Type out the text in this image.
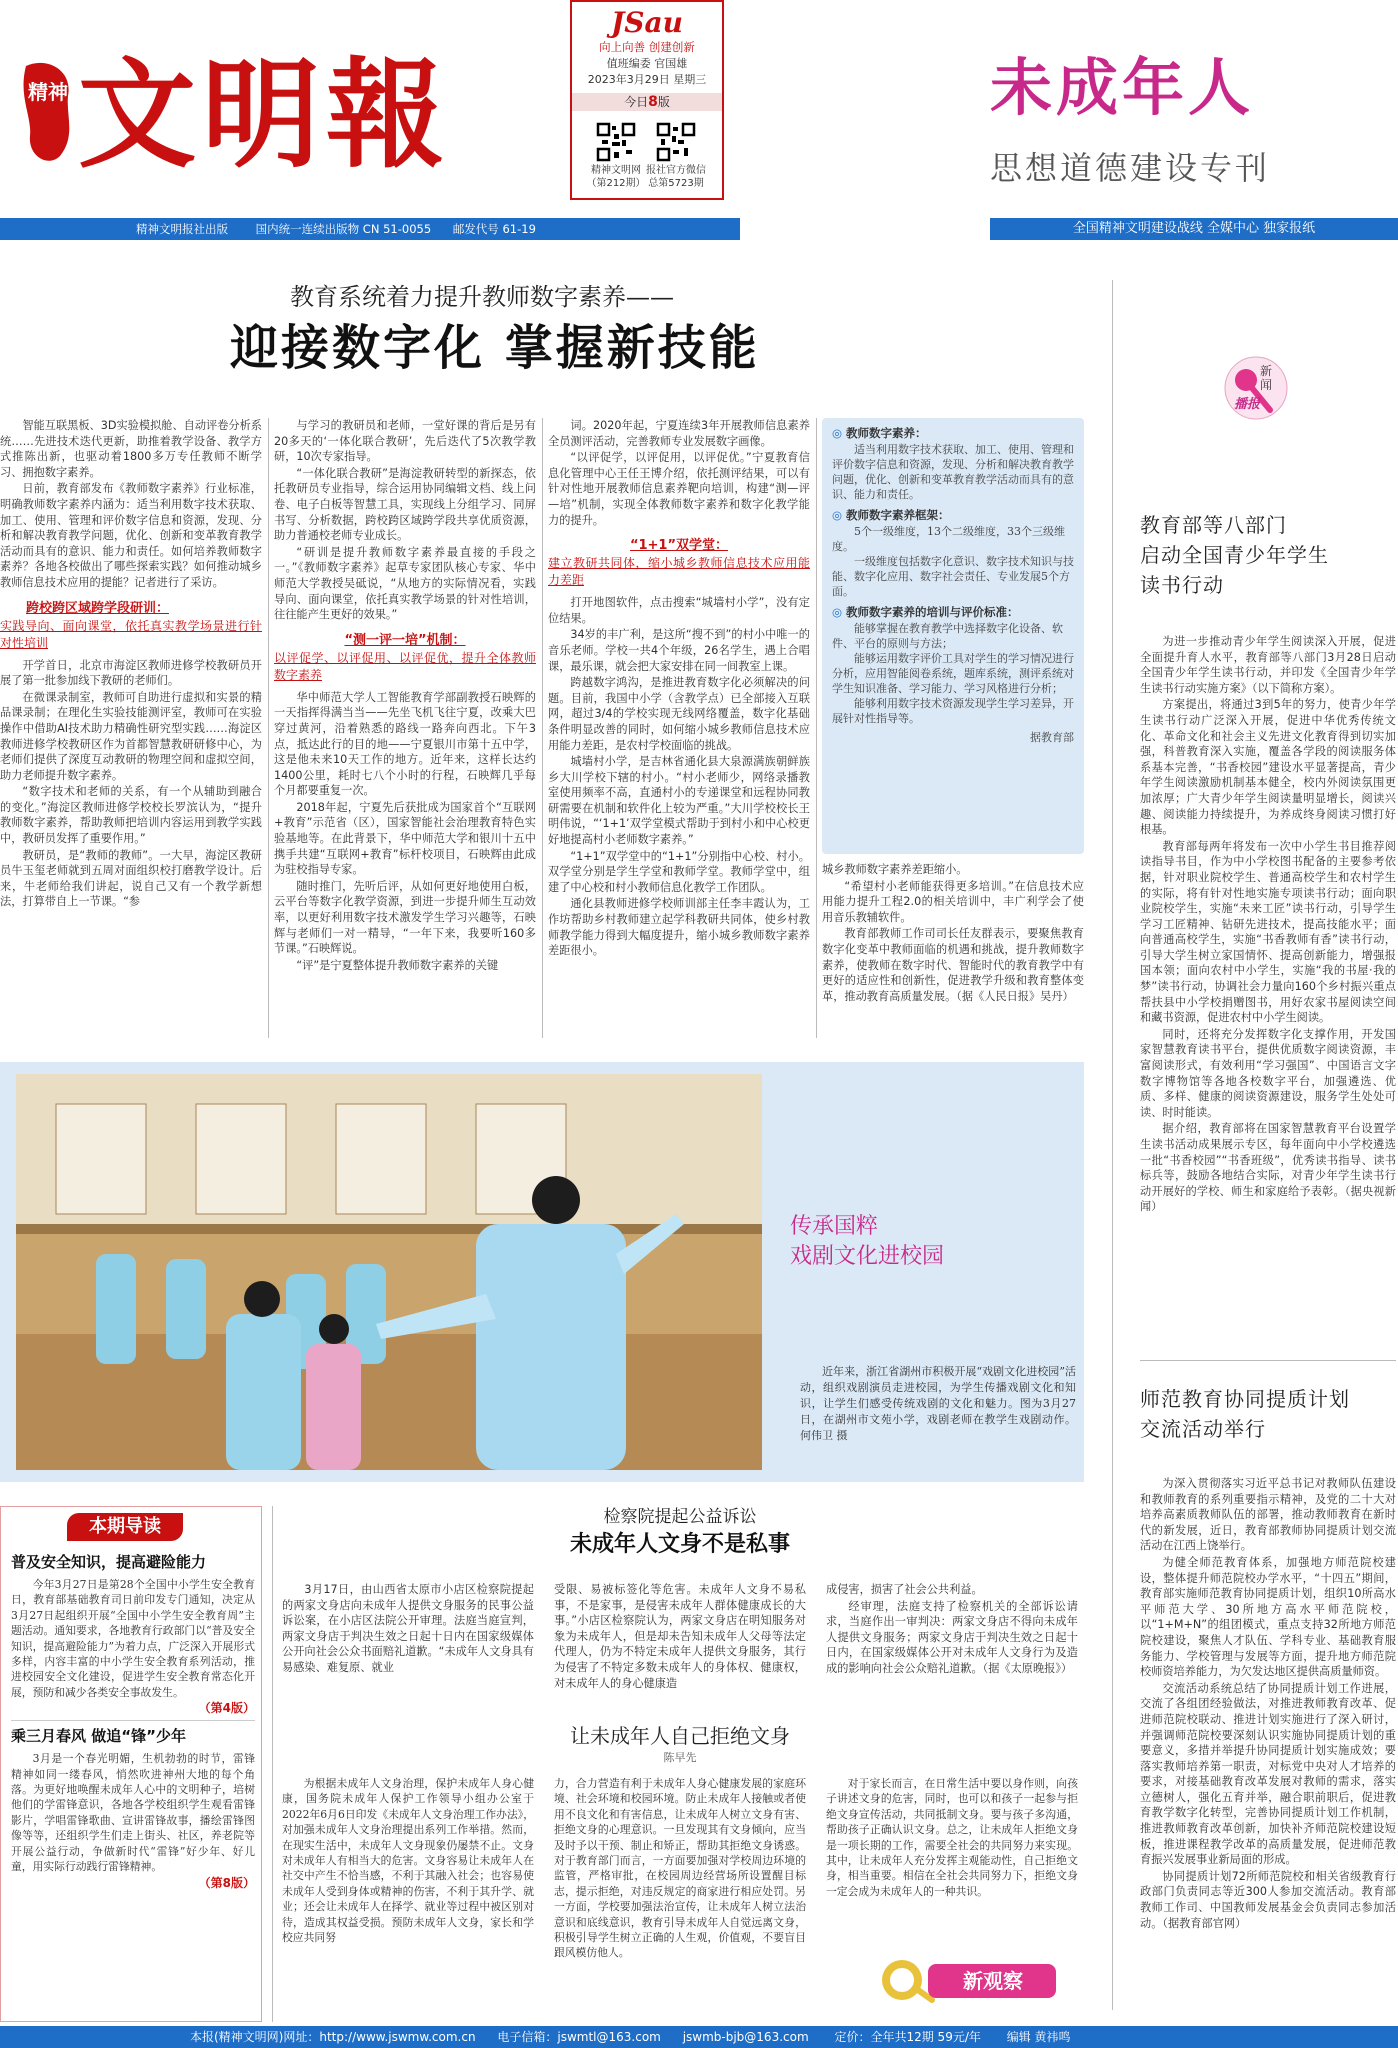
精神 文明報
JSau
向上向善 创建创新
值班编委 官国雄
2023年3月29日 星期三
今日8版
精神文明网
（第212期）
报社官方微信
总第5723期
未成年人
思想道德建设专刊
精神文明报社出版 国内统一连续出版物 CN 51-0055 邮发代号 61-19	全国精神文明建设战线 全媒中心 独家报纸
教育系统着力提升教师数字素养——
迎接数字化 掌握新技能

智能互联黑板、3D实验模拟舱、自动评卷分析系统……先进技术迭代更新，助推着教学设备、教学方式推陈出新，也驱动着1800多万专任教师不断学习、拥抱数字素养。

日前，教育部发布《教师数字素养》行业标准，明确教师数字素养内涵为：适当利用数字技术获取、加工、使用、管理和评价数字信息和资源，发现、分析和解决教育教学问题，优化、创新和变革教育教学活动而具有的意识、能力和责任。如何培养教师数字素养？各地各校做出了哪些探索实践？如何推动城乡教师信息技术应用的提能？记者进行了采访。

跨校跨区域跨学段研训：
实践导向、面向课堂，依托真实教学场景进行针对性培训

开学首日，北京市海淀区教师进修学校教研员开展了第一批参加线下教研的老师们。

在微课录制室，教师可自助进行虚拟和实景的精品课录制；在理化生实验技能测评室，教师可在实验操作中借助AI技术助力精确性研究型实践……海淀区教师进修学校教研区作为首都智慧教研研修中心，为老师们提供了深度互动教研的物理空间和虚拟空间，助力老师提升数字素养。

“数字技术和老师的关系，有一个从辅助到融合的变化。”海淀区教师进修学校校长罗滨认为，“提升教师数字素养，帮助教师把培训内容运用到教学实践中，教研员发挥了重要作用。”

教研员，是“教师的教师”。一大早，海淀区教研员牛玉玺老师就到五周对面组织校打磨教学设计。后来，牛老师给我们讲起，说自己又有一个教学新想法，打算带自上一节课。“参

与学习的教研员和老师，一堂好课的背后是另有20多天的‘一体化联合教研’，先后迭代了5次教学教研，10次专家指导。

“一体化联合教研”是海淀教研转型的新探态，依托教研员专业指导，综合运用协同编辑文档、线上问卷、电子白板等智慧工具，实现线上分组学习、同屏书写、分析数据，跨校跨区域跨学段共享优质资源，助力普通校老师专业成长。

“研训是提升教师数字素养最直接的手段之一。”《教师数字素养》起草专家团队核心专家、华中师范大学教授吴砥说，“从地方的实际情况看，实践导向、面向课堂，依托真实教学场景的针对性培训，往往能产生更好的效果。”

“测一评一培”机制：
以评促学、以评促用、以评促优，提升全体教师数字素养

华中师范大学人工智能教育学部副教授石映辉的一天指挥得满当当——先坐飞机飞往宁夏，改乘大巴穿过黄河，沿着熟悉的路线一路奔向西北。下午3点，抵达此行的目的地——宁夏银川市第十五中学，这是他未来10天工作的地方。近年来，这样长达约1400公里，耗时七八个小时的行程，石映辉几乎每个月都要重复一次。

2018年起，宁夏先后获批成为国家首个“互联网+教育”示范省（区），国家智能社会治理教育特色实验基地等。在此背景下，华中师范大学和银川十五中携手共建“互联网+教育”标杆校项目，石映辉由此成为驻校指导专家。

随时推门，先听后评，从如何更好地使用白板，云平台等数字化教学资源，到进一步提升师生互动效率，以更好利用数字技术激发学生学习兴趣等，石映辉与老师们一对一精导，“一年下来，我要听160多节课。”石映辉说。

“评”是宁夏整体提升教师数字素养的关键

词。2020年起，宁夏连续3年开展教师信息素养全员测评活动，完善教师专业发展数字画像。

“以评促学，以评促用，以评促优。”宁夏教育信息化管理中心王任王博介绍，依托测评结果，可以有针对性地开展教师信息素养靶向培训，构建“测—评—培”机制，实现全体教师数字素养和数字化教学能力的提升。

“1+1”双学堂：
建立教研共同体，缩小城乡教师信息技术应用能力差距

打开地图软件，点击搜索“城墙村小学”，没有定位结果。

34岁的丰广利，是这所“搜不到”的村小中唯一的音乐老师。学校一共4个年级，26名学生，遇上合唱课，最乐课，就会把大家安排在同一间教室上课。

跨越数字鸿沟，是推进教育数字化必须解决的问题。目前，我国中小学（含教学点）已全部接入互联网，超过3/4的学校实现无线网络覆盖，数字化基础条件明显改善的同时，如何缩小城乡教师信息技术应用能力差距，是农村学校面临的挑战。

城墙村小学，是吉林省通化县大泉源满族朝鲜族乡大川学校下辖的村小。“村小老师少，网络录播教室使用频率不高，直通村小的专递课堂和远程协同教研需要在机制和软件化上较为严重。”大川学校校长王明伟说，“‘1+1’双学堂模式帮助于到村小和中心校更好地提高村小老师数字素养。”

“1+1”双学堂中的“1+1”分别指中心校、村小。双学堂分别是学生学堂和教师学堂。教师学堂中，组建了中心校和村小教师信息化教学工作团队。

通化县教师进修学校师训部主任李丰霞认为，工作坊帮助乡村教师建立起学科教研共同体，使乡村教师教学能力得到大幅度提升，缩小城乡教师数字素养差距很小。

◎ 教师数字素养：
适当利用数字技术获取、加工、使用、管理和评价数字信息和资源，发现、分析和解决教育教学问题，优化、创新和变革教育教学活动而具有的意识、能力和责任。
◎ 教师数字素养框架：
5个一级维度，13个二级维度，33个三级维度。
一级维度包括数字化意识、数字技术知识与技能、数字化应用、数字社会责任、专业发展5个方面。
◎ 教师数字素养的培训与评价标准：
能够掌握在教育教学中选择数字化设备、软件、平台的原则与方法；
能够运用数字评价工具对学生的学习情况进行分析，应用智能阅卷系统，题库系统，测评系统对学生知识准备、学习能力、学习风格进行分析；
能够利用数字技术资源发现学生学习差异，开展针对性指导等。
据教育部

城乡教师数字素养差距缩小。

“希望村小老师能获得更多培训。”在信息技术应用能力提升工程2.0的相关培训中，丰广利学会了使用音乐教辅软件。

教育部教师工作司司长任友群表示，要聚焦教育数字化变革中教师面临的机遇和挑战，提升教师数字素养，使教师在数字时代、智能时代的教育教学中有更好的适应性和创新性，促进教学升级和教育整体变革，推动教育高质量发展。（据《人民日报》吴丹）

新
闻
播报
教育部等八部门
启动全国青少年学生
读书行动

为进一步推动青少年学生阅读深入开展，促进全面提升育人水平，教育部等八部门3月28日启动全国青少年学生读书行动，并印发《全国青少年学生读书行动实施方案》（以下简称方案）。

方案提出，将通过3到5年的努力，使青少年学生读书行动广泛深入开展，促进中华优秀传统文化、革命文化和社会主义先进文化教育得到切实加强，科普教育深入实施，覆盖各学段的阅读服务体系基本完善，“书香校园”建设水平显著提高，青少年学生阅读激励机制基本健全，校内外阅读氛围更加浓厚；广大青少年学生阅读量明显增长，阅读兴趣、阅读能力持续提升，为养成终身阅读习惯打好根基。

教育部每两年将发布一次中小学生书目推荐阅读指导书目，作为中小学校图书配备的主要参考依据，针对职业院校学生、普通高校学生和农村学生的实际，将有针对性地实施专项读书行动；面向职业院校学生，实施“未来工匠”读书行动，引导学生学习工匠精神、钻研先进技术，提高技能水平；面向普通高校学生，实施“书香教师有香”读书行动，引导大学生树立家国情怀、提高创新能力，增强报国本领；面向农村中小学生，实施“我的书屋·我的梦”读书行动，协调社会力量向160个乡村振兴重点帮扶县中小学校捐赠图书，用好农家书屋阅读空间和藏书资源，促进农村中小学生阅读。

同时，还将充分发挥数字化支撑作用，开发国家智慧教育读书平台，提供优质数字阅读资源，丰富阅读形式，有效利用“学习强国”、中国语言文字数字博物馆等各地各校数字平台，加强遴选、优质、多样、健康的阅读资源建设，服务学生处处可读、时时能读。

据介绍，教育部将在国家智慧教育平台设置学生读书活动成果展示专区，每年面向中小学校遴选一批“书香校园”“书香班级”，优秀读书指导、读书标兵等，鼓励各地结合实际，对青少年学生读书行动开展好的学校、师生和家庭给予表彰。（据央视新闻）

师范教育协同提质计划
交流活动举行

为深入贯彻落实习近平总书记对教师队伍建设和教师教育的系列重要指示精神，及党的二十大对培养高素质教师队伍的部署，推动教师教育在新时代的新发展，近日，教育部教师协同提质计划交流活动在江西上饶举行。

为健全师范教育体系，加强地方师范院校建设，整体提升师范院校办学水平，“十四五”期间，教育部实施师范教育协同提质计划，组织10所高水平师范大学、30所地方高水平师范院校，以“1+M+N”的组团模式，重点支持32所地方师范院校建设，聚焦人才队伍、学科专业、基础教育服务能力、学校管理与发展等方面，提升地方师范院校师资培养能力，为欠发达地区提供高质量师资。

交流活动系统总结了协同提质计划工作进展，交流了各组团经验做法，对推进教师教育改革、促进师范院校联动、推进计划实施进行了深入研讨，并强调师范院校要深刻认识实施协同提质计划的重要意义，多措并举提升协同提质计划实施成效；要落实教师培养第一职责，对标党中央对人才培养的要求，对接基础教育改革发展对教师的需求，落实立德树人，强化五育并举，融合职前职后，促进教育教学数字化转型，完善协同提质计划工作机制，推进教师教育改革创新，加快补齐师范院校建设短板，推进课程教学改革的高质量发展，促进师范教育振兴发展事业新局面的形成。

协同提质计划72所师范院校和相关省级教育行政部门负责同志等近300人参加交流活动。教育部教师工作司、中国教师发展基金会负责同志参加活动。（据教育部官网）

传承国粹
戏剧文化进校园
近年来，浙江省湖州市积极开展“戏剧文化进校园”活动，组织戏剧演员走进校园，为学生传播戏剧文化和知识，让学生们感受传统戏剧的文化和魅力。图为3月27日，在湖州市文苑小学，戏剧老师在教学生戏剧动作。 何伟卫 摄
本期导读
普及安全知识，提高避险能力

今年3月27日是第28个全国中小学生安全教育日，教育部基础教育司日前印发专门通知，决定从3月27日起组织开展“全国中小学生安全教育周”主题活动。通知要求，各地教育行政部门以“普及安全知识，提高避险能力”为着力点，广泛深入开展形式多样，内容丰富的中小学生安全教育系列活动，推进校园安全文化建设，促进学生安全教育常态化开展，预防和减少各类安全事故发生。

（第4版）
乘三月春风 做追“锋”少年

3月是一个春光明媚，生机勃勃的时节，雷锋精神如同一缕春风，悄然吹进神州大地的每个角落。为更好地唤醒未成年人心中的文明种子，培树他们的学雷锋意识，各地各学校组织学生观看雷锋影片，学唱雷锋歌曲、宣讲雷锋故事，播绘雷锋图像等等，还组织学生们走上街头、社区，养老院等开展公益行动，争做新时代“雷锋”好少年、好儿童，用实际行动践行雷锋精神。

（第8版）
检察院提起公益诉讼
未成年人文身不是私事

3月17日，由山西省太原市小店区检察院提起的两家文身店向未成年人提供文身服务的民事公益诉讼案，在小店区法院公开审理。法庭当庭宣判，两家文身店于判决生效之日起十日内在国家级媒体公开向社会公众书面赔礼道歉。“未成年人文身具有易感染、难复原、就业

受限、易被标签化等危害。未成年人文身不易私事，不是家事，是侵害未成年人群体健康成长的大事。”小店区检察院认为，两家文身店在明知服务对象为未成年人，但是却未告知未成年人父母等法定代理人，仍为不特定未成年人提供文身服务，其行为侵害了不特定多数未成年人的身体权、健康权，对未成年人的身心健康造

成侵害，损害了社会公共利益。

经审理，法庭支持了检察机关的全部诉讼请求，当庭作出一审判决：两家文身店不得向未成年人提供文身服务；两家文身店于判决生效之日起十日内，在国家级媒体公开对未成年人文身行为及造成的影响向社会公众赔礼道歉。（据《太原晚报》）

让未成年人自己拒绝文身
陈早先

为根据未成年人文身治理，保护未成年人身心健康，国务院未成年人保护工作领导小组办公室于2022年6月6日印发《未成年人文身治理工作办法》，对加强未成年人文身治理提出系列工作举措。然而，在现实生活中，未成年人文身现象仍屡禁不止。文身对未成年人有相当大的危害。文身容易让未成年人在社交中产生不恰当感，不利于其融入社会；也容易使未成年人受到身体或精神的伤害，不利于其升学、就业；还会让未成年人在择学、就业等过程中被区别对待，造成其权益受损。预防未成年人文身，家长和学校应共同努

力，合力营造有利于未成年人身心健康发展的家庭环境、社会环境和校园环境。防止未成年人接触或者使用不良文化和有害信息，让未成年人树立文身有害、拒绝文身的心理意识。一旦发现其有文身倾向，应当及时予以干预、制止和矫正，帮助其拒绝文身诱惑。对于教育部门而言，一方面要加强对学校周边环境的监管，严格审批，在校园周边经营场所设置醒目标志，提示拒绝，对违反规定的商家进行相应处罚。另一方面，学校要加强法治宣传，让未成年人树立法治意识和底线意识，教育引导未成年人自觉远离文身，积极引导学生树立正确的人生观，价值观，不要盲目跟风模仿他人。

对于家长而言，在日常生活中要以身作则，向孩子讲述文身的危害，同时，也可以和孩子一起参与拒绝文身宣传活动，共同抵制文身。要与孩子多沟通，帮助孩子正确认识文身。总之，让未成年人拒绝文身是一项长期的工作，需要全社会的共同努力来实现。其中，让未成年人充分发挥主观能动性，自己拒绝文身，相当重要。相信在全社会共同努力下，拒绝文身一定会成为未成年人的一种共识。

新观察
本报(精神文明网)网址：http://www.jswmw.com.cn 电子信箱：jswmtl@163.com jswmb-bjb@163.com 定价：全年共12期 59元/年 编辑 黄祎鸣
